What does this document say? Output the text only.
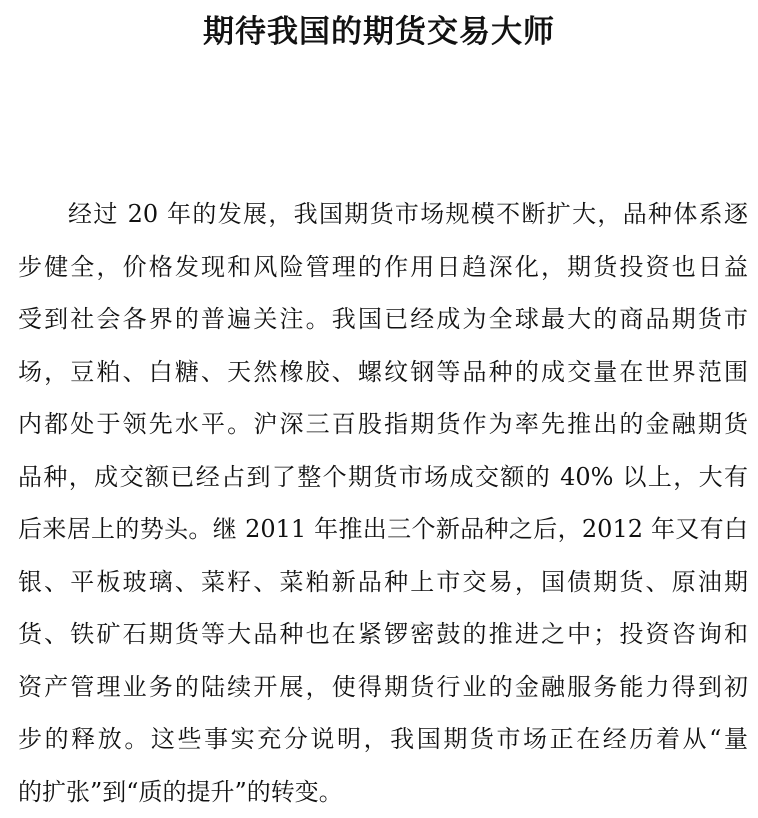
期待我国的期货交易大师
经过 20 年的发展，我国期货市场规模不断扩大，品种体系逐
步健全，价格发现和风险管理的作用日趋深化，期货投资也日益
受到社会各界的普遍关注。我国已经成为全球最大的商品期货市
场，豆粕、白糖、天然橡胶、螺纹钢等品种的成交量在世界范围
内都处于领先水平。沪深三百股指期货作为率先推出的金融期货
品种，成交额已经占到了整个期货市场成交额的 40% 以上，大有
后来居上的势头。继 2011 年推出三个新品种之后，2012 年又有白
银、平板玻璃、菜籽、菜粕新品种上市交易，国债期货、原油期
货、铁矿石期货等大品种也在紧锣密鼓的推进之中；投资咨询和
资产管理业务的陆续开展，使得期货行业的金融服务能力得到初
步的释放。这些事实充分说明，我国期货市场正在经历着从“量
的扩张”到“质的提升”的转变。
